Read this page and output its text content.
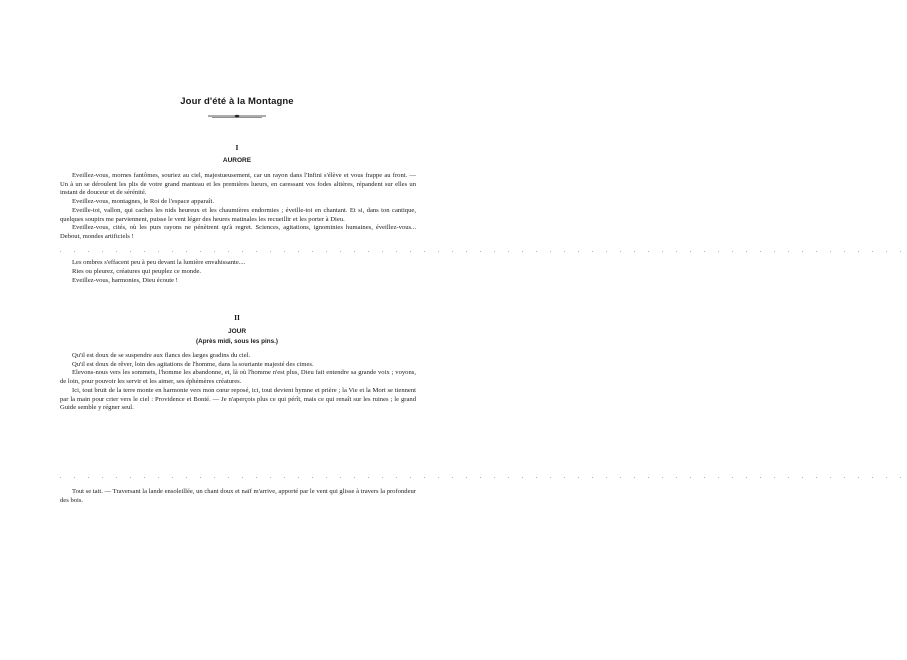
Jour d'été à la Montagne
I
AURORE

Eveillez-vous, mornes fantômes, souriez au ciel, majestueusement, car un rayon dans l'Infini s'élève et vous frappe au front. — Un à un se déroulent les plis de votre grand manteau et les premières lueurs, en caressant vos fodes altières, répandent sur elles un instant de douceur et de sérénité.

Eveillez-vous, montagnes, le Roi de l'espace apparaît.

Eveille-toi, vallon, qui caches les nids heureux et les chaumières endormies ; éveille-toi en chantant. Et si, dans ton cantique, quelques soupirs me parviennent, puisse le vent léger des heures matinales les recueillir et les porter à Dieu.

Eveillez-vous, cités, où les purs rayons ne pénètrent qu'à regret. Sciences, agitations, ignominies humaines, éveillez-vous... Debout, mondes artificiels !

. . . . . . . . . . . . . . . . . . . . . . . . . . . . . . . . . . . . . . . . . . . . . . . . . . . . . . . . . . . . .
Les ombres s'effacent peu à peu devant la lumière envahissante....
Ries ou pleurez, créatures qui peuplez ce monde.
Eveillez-vous, harmonies, Dieu écoute !
II
JOUR
(Après midi, sous les pins.)

Qu'il est doux de se suspendre aux flancs des larges gradins du ciel.

Qu'il est doux de rêver, loin des agitations de l'homme, dans la souriante majesté des cimes.

Elevons-nous vers les sommets, l'homme les abandonne, et, là où l'homme n'est plus, Dieu fait entendre sa grande voix ; voyons, de loin, pour pouvoir les servir et les aimer, ses éphémères créatures.

Ici, tout bruit de la terre monte en harmonie vers mon cœur reposé, ici, tout devient hymne et prière ; la Vie et la Mort se tiennent par la main pour crier vers le ciel : Providence et Bonté. — Je n'aperçois plus ce qui pérît, mais ce qui renaît sur les ruines ; le grand Guide semble y régner seul.

. . . . . . . . . . . . . . . . . . . . . . . . . . . . . . . . . . . . . . . . . . . . . . . . . . . . . . . . . . . . .

Tout se tait. — Traversant la lande ensoleillée, un chant doux et naïf m'arrive, apporté par le vent qui glisse à travers la profondeur des bois.
